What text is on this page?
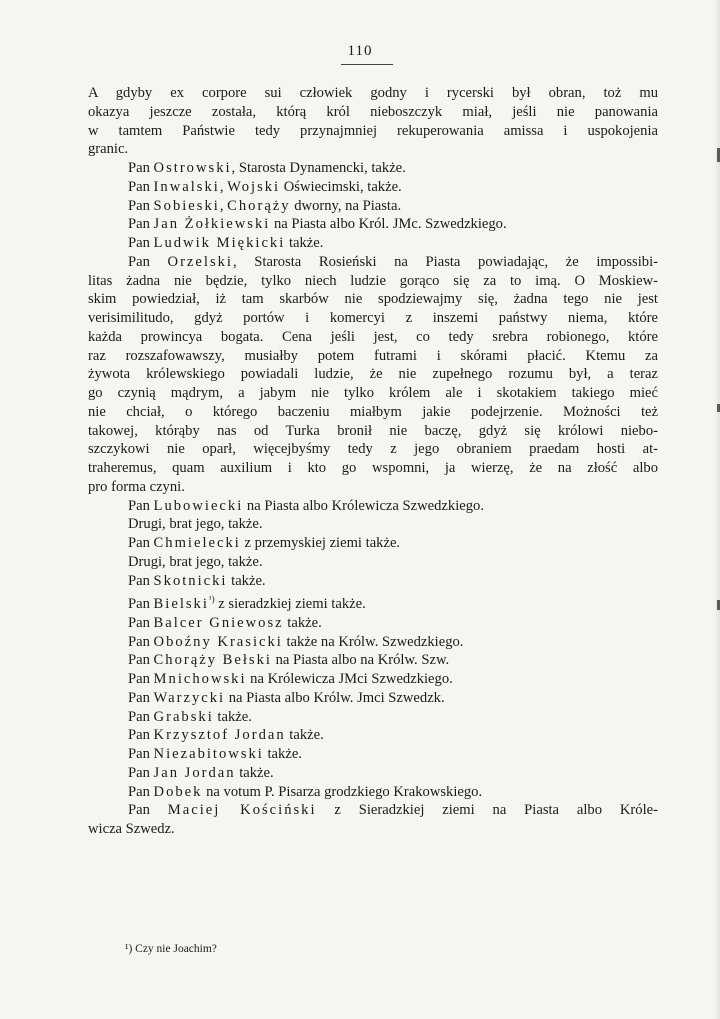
110
A gdyby ex corpore sui człowiek godny i rycerski był obran, toż mu
okazya jeszcze została, którą król nieboszczyk miał, jeśli nie panowania
w tamtem Państwie tedy przynajmniej rekuperowania amissa i uspokojenia
granic.
Pan Ostrowski, Starosta Dynamencki, także.
Pan Inwalski, Wojski Oświecimski, także.
Pan Sobieski, Chorąży dworny, na Piasta.
Pan Jan Żołkiewski na Piasta albo Król. JMc. Szwedzkiego.
Pan Ludwik Miękicki także.
Pan Orzelski, Starosta Rosieński na Piasta powiadając, że impossibi-
litas żadna nie będzie, tylko niech ludzie gorąco się za to imą. O Moskiew-
skim powiedział, iż tam skarbów nie spodziewajmy się, żadna tego nie jest
verisimilitudo, gdyż portów i komercyi z inszemi państwy niema, które
każda prowincya bogata. Cena jeśli jest, co tedy srebra robionego, które
raz rozszafowawszy, musiałby potem futrami i skórami płacić. Ktemu za
żywota królewskiego powiadali ludzie, że nie zupełnego rozumu był, a teraz
go czynią mądrym, a jabym nie tylko królem ale i skotakiem takiego mieć
nie chciał, o którego baczeniu miałbym jakie podejrzenie. Możności też
takowej, którąby nas od Turka bronił nie baczę, gdyż się królowi niebo-
szczykowi nie oparł, więcejbyśmy tedy z jego obraniem praedam hosti at-
traheremus, quam auxilium i kto go wspomni, ja wierzę, że na złość albo
pro forma czyni.
Pan Lubowiecki na Piasta albo Królewicza Szwedzkiego.
Drugi, brat jego, także.
Pan Chmielecki z przemyskiej ziemi także.
Drugi, brat jego, także.
Pan Skotnicki także.
Pan Bielski$^{^1)}$ z sieradzkiej ziemi także.
Pan Balcer Gniewosz także.
Pan Oboźny Krasicki także na Królw. Szwedzkiego.
Pan Chorąży Bełski na Piasta albo na Królw. Szw.
Pan Mnichowski na Królewicza JMci Szwedzkiego.
Pan Warzycki na Piasta albo Królw. Jmci Szwedzk.
Pan Grabski także.
Pan Krzysztof Jordan także.
Pan Niezabitowski także.
Pan Jan Jordan także.
Pan Dobek na votum P. Pisarza grodzkiego Krakowskiego.
Pan Maciej Kościński z Sieradzkiej ziemi na Piasta albo Króle-
wicza Szwedz.
¹) Czy nie Joachim?
